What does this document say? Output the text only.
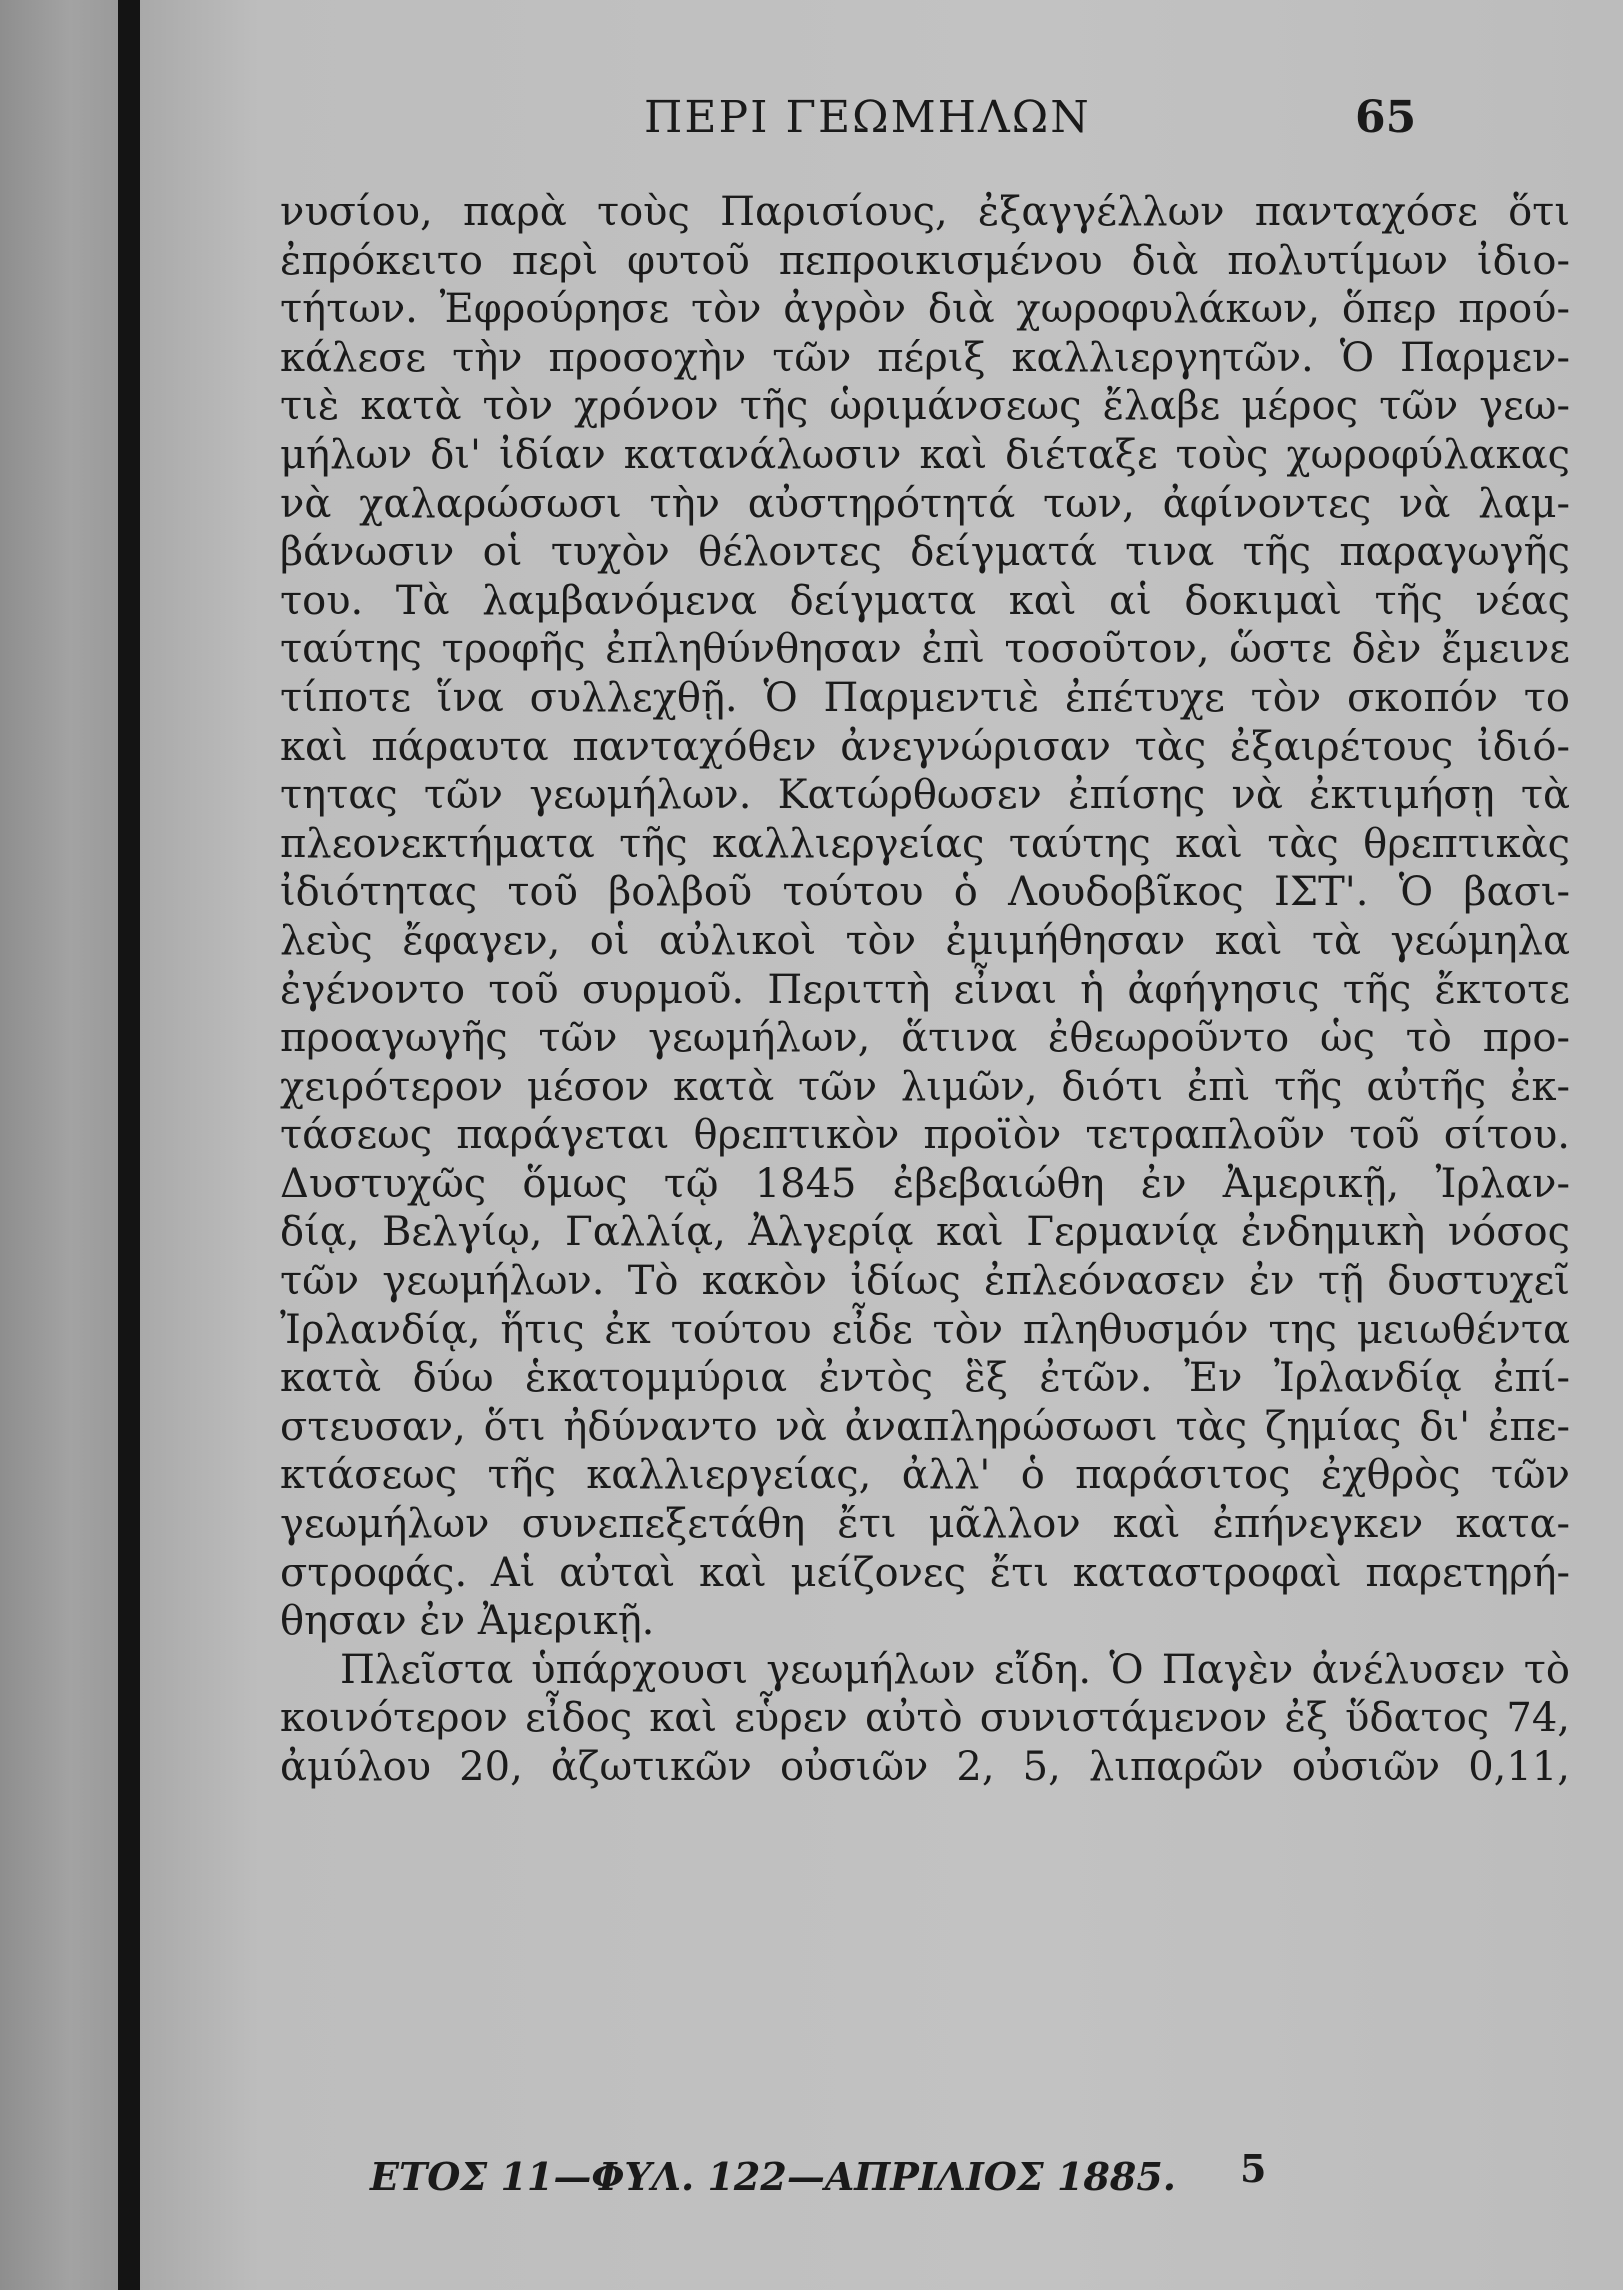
ΠΕΡΙ ΓΕΩΜΗΛΩΝ	65
νυσίου, παρὰ τοὺς Παρισίους, ἐξαγγέλλων πανταχόσε ὅτι
ἐπρόκειτο περὶ φυτοῦ πεπροικισμένου διὰ πολυτίμων ἰδιο-
τήτων. Ἐφρούρησε τὸν ἀγρὸν διὰ χωροφυλάκων, ὅπερ πρού-
κάλεσε τὴν προσοχὴν τῶν πέριξ καλλιεργητῶν. Ὁ Παρμεν-
τιὲ κατὰ τὸν χρόνον τῆς ὡριμάνσεως ἔλαβε μέρος τῶν γεω-
μήλων δι' ἰδίαν κατανάλωσιν καὶ διέταξε τοὺς χωροφύλακας
νὰ χαλαρώσωσι τὴν αὐστηρότητά των, ἀφίνοντες νὰ λαμ-
βάνωσιν οἱ τυχὸν θέλοντες δείγματά τινα τῆς παραγωγῆς
του. Τὰ λαμβανόμενα δείγματα καὶ αἱ δοκιμαὶ τῆς νέας
ταύτης τροφῆς ἐπληθύνθησαν ἐπὶ τοσοῦτον, ὥστε δὲν ἔμεινε
τίποτε ἵνα συλλεχθῇ. Ὁ Παρμεντιὲ ἐπέτυχε τὸν σκοπόν το
καὶ πάραυτα πανταχόθεν ἀνεγνώρισαν τὰς ἐξαιρέτους ἰδιό-
τητας τῶν γεωμήλων. Κατώρθωσεν ἐπίσης νὰ ἐκτιμήσῃ τὰ
πλεονεκτήματα τῆς καλλιεργείας ταύτης καὶ τὰς θρεπτικὰς
ἰδιότητας τοῦ βολβοῦ τούτου ὁ Λουδοβῖκος ΙΣΤ'. Ὁ βασι-
λεὺς ἔφαγεν, οἱ αὐλικοὶ τὸν ἐμιμήθησαν καὶ τὰ γεώμηλα
ἐγένοντο τοῦ συρμοῦ. Περιττὴ εἶναι ἡ ἀφήγησις τῆς ἔκτοτε
προαγωγῆς τῶν γεωμήλων, ἅτινα ἐθεωροῦντο ὡς τὸ προ-
χειρότερον μέσον κατὰ τῶν λιμῶν, διότι ἐπὶ τῆς αὐτῆς ἐκ-
τάσεως παράγεται θρεπτικὸν προϊὸν τετραπλοῦν τοῦ σίτου.
Δυστυχῶς ὅμως τῷ 1845 ἐβεβαιώθη ἐν Ἀμερικῇ, Ἰρλαν-
δίᾳ, Βελγίῳ, Γαλλίᾳ, Ἀλγερίᾳ καὶ Γερμανίᾳ ἐνδημικὴ νόσος
τῶν γεωμήλων. Τὸ κακὸν ἰδίως ἐπλεόνασεν ἐν τῇ δυστυχεῖ
Ἰρλανδίᾳ, ἥτις ἐκ τούτου εἶδε τὸν πληθυσμόν της μειωθέντα
κατὰ δύω ἑκατομμύρια ἐντὸς ἓξ ἐτῶν. Ἐν Ἰρλανδίᾳ ἐπί-
στευσαν, ὅτι ἠδύναντο νὰ ἀναπληρώσωσι τὰς ζημίας δι' ἐπε-
κτάσεως τῆς καλλιεργείας, ἀλλ' ὁ παράσιτος ἐχθρὸς τῶν
γεωμήλων συνεπεξετάθη ἔτι μᾶλλον καὶ ἐπήνεγκεν κατα-
στροφάς. Αἱ αὐταὶ καὶ μείζονες ἔτι καταστροφαὶ παρετηρή-
θησαν ἐν Ἀμερικῇ.
Πλεῖστα ὑπάρχουσι γεωμήλων εἴδη. Ὁ Παγὲν ἀνέλυσεν τὸ
κοινότερον εἶδος καὶ εὗρεν αὐτὸ συνιστάμενον ἐξ ὕδατος 74,
ἀμύλου 20, ἀζωτικῶν οὐσιῶν 2, 5, λιπαρῶν οὐσιῶν 0,11,
ΕΤΟΣ 11—ΦΥΛ. 122—ΑΠΡΙΛΙΟΣ 1885. 5
